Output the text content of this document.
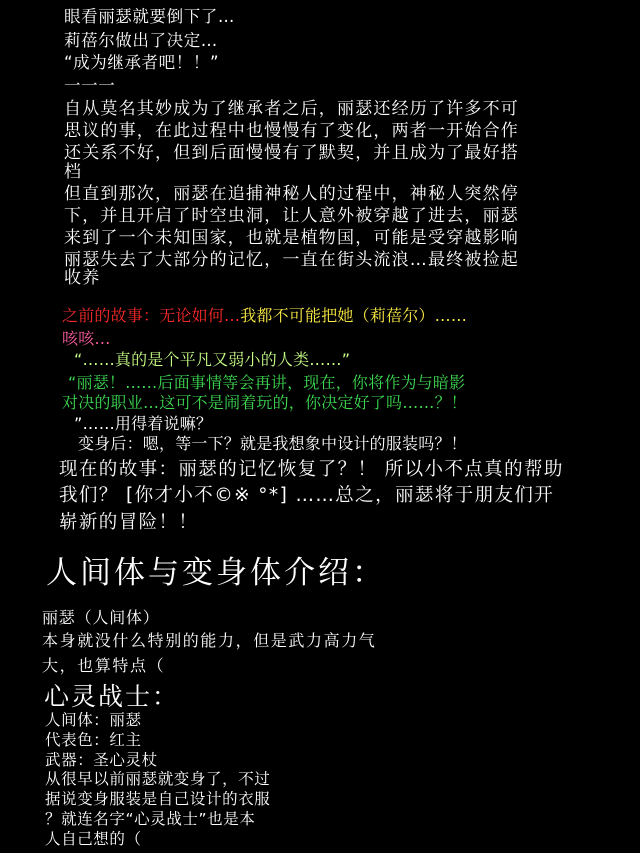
眼看丽瑟就要倒下了…
莉蓓尔做出了决定…
“成为继承者吧！！”
一一一
自从莫名其妙成为了继承者之后，丽瑟还经历了许多不可
思议的事，在此过程中也慢慢有了变化，两者一开始合作
还关系不好，但到后面慢慢有了默契，并且成为了最好搭
档
但直到那次，丽瑟在追捕神秘人的过程中，神秘人突然停
下，并且开启了时空虫洞，让人意外被穿越了进去，丽瑟
来到了一个未知国家，也就是植物国，可能是受穿越影响
丽瑟失去了大部分的记忆，一直在街头流浪…最终被捡起
收养
之前的故事：无论如何…我都不可能把她（莉蓓尔）……
咳咳…
“……真的是个平凡又弱小的人类……”
“丽瑟！……后面事情等会再讲，现在，你将作为与暗影
对决的职业…这可不是闹着玩的，你决定好了吗……？！
”……用得着说嘛？
变身后：嗯，等一下？就是我想象中设计的服装吗？！
现在的故事：丽瑟的记忆恢复了？！ 所以小不点真的帮助
我们？ [你才小不©※ °*] ……总之，丽瑟将于朋友们开
崭新的冒险！！
人间体与变身体介绍：
丽瑟（人间体）
本身就没什么特别的能力，但是武力高力气
大，也算特点（
心灵战士：
人间体：丽瑟
代表色：红主
武器：圣心灵杖
从很早以前丽瑟就变身了，不过
据说变身服装是自己设计的衣服
？就连名字“心灵战士”也是本
人自己想的（
